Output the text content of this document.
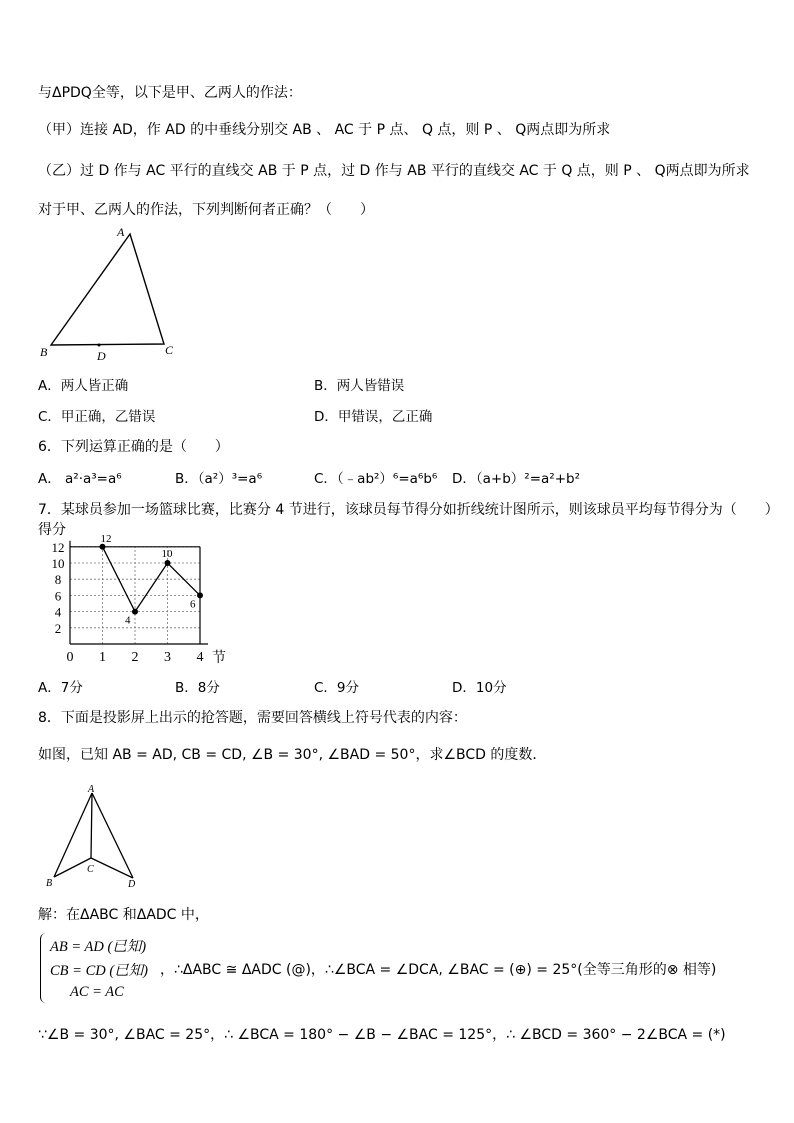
与ΔPDQ全等，以下是甲、乙两人的作法：
（甲）连接 AD，作 AD 的中垂线分别交 AB 、 AC 于 P 点、 Q 点，则 P 、 Q两点即为所求
（乙）过 D 作与 AC 平行的直线交 AB 于 P 点，过 D 作与 AB 平行的直线交 AC 于 Q 点，则 P 、 Q两点即为所求
对于甲、乙两人的作法，下列判断何者正确？（　　）
A
B	D	C
A．两人皆正确	B．两人皆错误
C．甲正确，乙错误	D．甲错误，乙正确
6．下列运算正确的是（　　）
A． a²·a³=a⁶	B．（a²）³=a⁶	C．（﹣ab²）⁶=a⁶b⁶ D．（a+b）²=a²+b²
7．某球员参加一场篮球比赛，比赛分 4 节进行，该球员每节得分如折线统计图所示，则该球员平均每节得分为（　　）
2
4
6
8
10
12
0 1 2 3 4
得分
节
12
4
10
6
A．7分	B．8分	C．9分	D．10分
8．下面是投影屏上出示的抢答题，需要回答横线上符号代表的内容：
如图，已知 AB = AD, CB = CD, ∠B = 30°, ∠BAD = 50°，求∠BCD 的度数．
A
B
C
D
解：在ΔABC 和ΔADC 中，
AB = AD (已知)
CB = CD (已知)
AC = AC
，∴ΔABC ≅ ΔADC (@)，∴∠BCA = ∠DCA, ∠BAC = (⊕) = 25°(全等三角形的⊗ 相等)
∵∠B = 30°, ∠BAC = 25°，∴ ∠BCA = 180° − ∠B − ∠BAC = 125°，∴ ∠BCD = 360° − 2∠BCA = (*)
